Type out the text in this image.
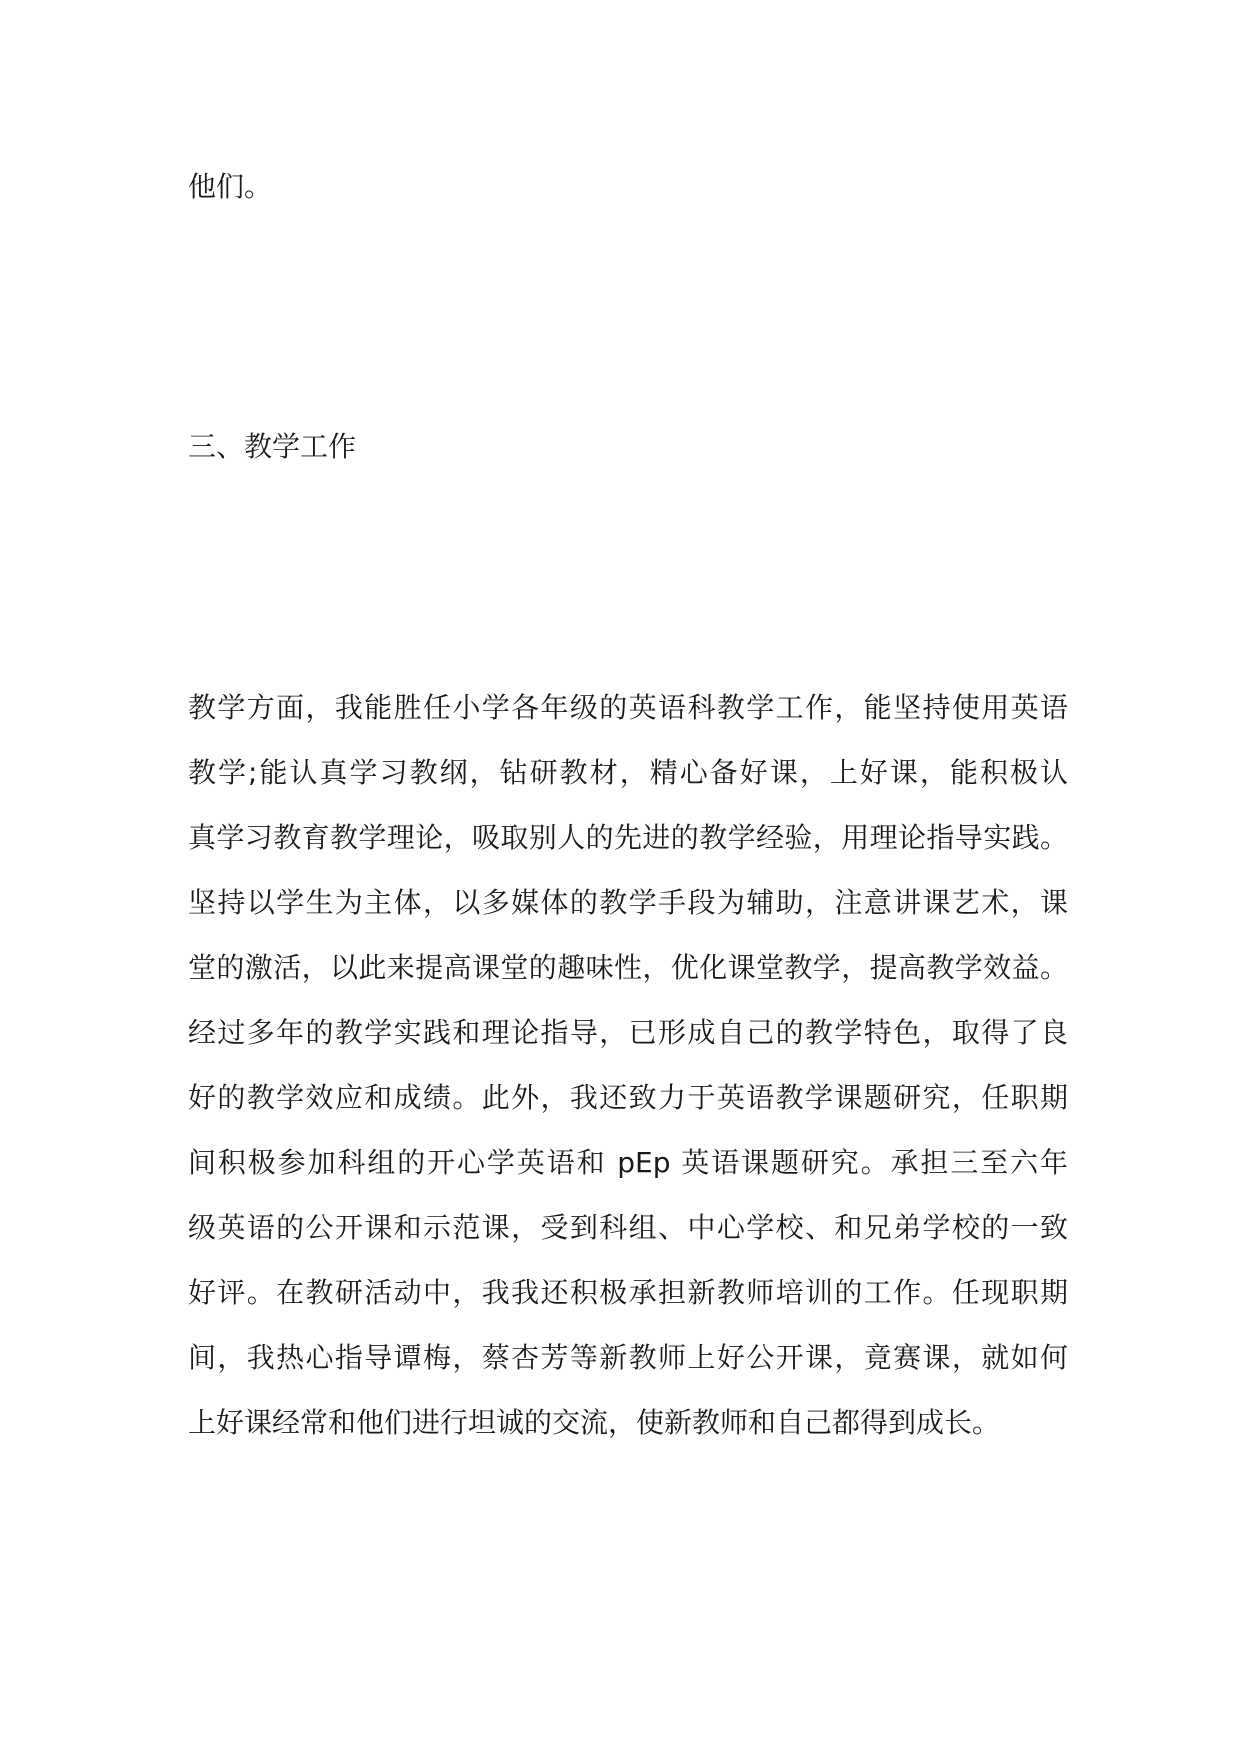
他们。
三、教学工作
教学方面，我能胜任小学各年级的英语科教学工作，能坚持使用英语
教学;能认真学习教纲，钻研教材，精心备好课，上好课，能积极认
真学习教育教学理论，吸取别人的先进的教学经验，用理论指导实践。
坚持以学生为主体，以多媒体的教学手段为辅助，注意讲课艺术，课
堂的激活，以此来提高课堂的趣味性，优化课堂教学，提高教学效益。
经过多年的教学实践和理论指导，已形成自己的教学特色，取得了良
好的教学效应和成绩。此外，我还致力于英语教学课题研究，任职期
间积极参加科组的开心学英语和 pEp 英语课题研究。承担三至六年
级英语的公开课和示范课，受到科组、中心学校、和兄弟学校的一致
好评。在教研活动中，我我还积极承担新教师培训的工作。任现职期
间，我热心指导谭梅，蔡杏芳等新教师上好公开课，竟赛课，就如何
上好课经常和他们进行坦诚的交流，使新教师和自己都得到成长。
